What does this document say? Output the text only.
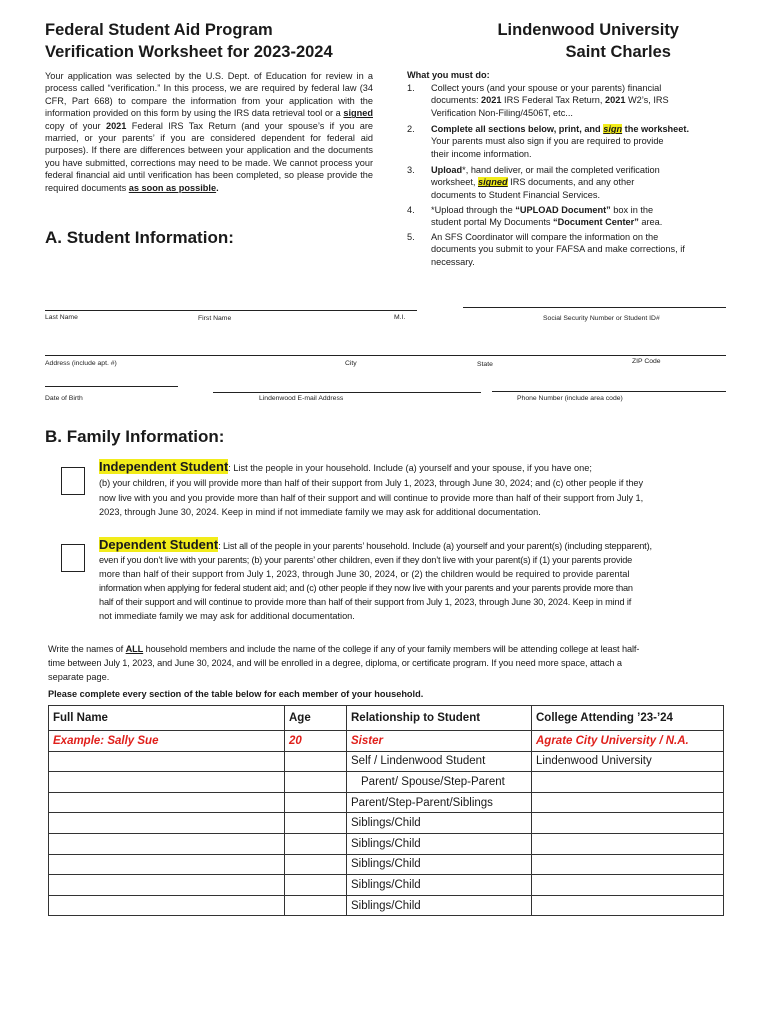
Federal Student Aid Program
Verification Worksheet for 2023-2024
Lindenwood University
Saint Charles
Your application was selected by the U.S. Dept. of Education for review in a process called “verification.” In this process, we are required by federal law (34 CFR, Part 668) to compare the information from your application with the information provided on this form by using the IRS data retrieval tool or a signed copy of your 2021 Federal IRS Tax Return (and your spouse’s if you are married, or your parents’ if you are considered dependent for federal aid purposes). If there are differences between your application and the documents you have submitted, corrections may need to be made. We cannot process your federal financial aid until verification has been completed, so please provide the required documents as soon as possible.
What you must do:
1. Collect yours (and your spouse or your parents) financial
documents: 2021 IRS Federal Tax Return, 2021 W2’s, IRS
Verification Non-Filing/4506T, etc...
2. Complete all sections below, print, and sign the worksheet.
Your parents must also sign if you are required to provide
their income information.
3. Upload*, hand deliver, or mail the completed verification
worksheet, signed IRS documents, and any other
documents to Student Financial Services.
4. *Upload through the “UPLOAD Document” box in the
student portal My Documents “Document Center” area.
5. An SFS Coordinator will compare the information on the
documents you submit to your FAFSA and make corrections, if
necessary.
A. Student Information:
Last Name	First Name	M.I.	Social Security Number or Student ID#
Address (include apt. #)	City	State	ZIP Code
Date of Birth	Lindenwood E-mail Address	Phone Number (include area code)
B. Family Information:
Independent Student: List the people in your household. Include (a) yourself and your spouse, if you have one;
(b) your children, if you will provide more than half of their support from July 1, 2023, through June 30, 2024; and (c) other people if they
now live with you and you provide more than half of their support and will continue to provide more than half of their support from July 1,
2023, through June 30, 2024. Keep in mind if not immediate family we may ask for additional documentation.
Dependent Student: List all of the people in your parents’ household. Include (a) yourself and your parent(s) (including stepparent),
even if you don’t live with your parents; (b) your parents’ other children, even if they don’t live with your parent(s) if (1) your parents provide
more than half of their support from July 1, 2023, through June 30, 2024, or (2) the children would be required to provide parental
information when applying for federal student aid; and (c) other people if they now live with your parents and your parents provide more than
half of their support and will continue to provide more than half of their support from July 1, 2023, through June 30, 2024. Keep in mind if
not immediate family we may ask for additional documentation.
Write the names of ALL household members and include the name of the college if any of your family members will be attending college at least half-
time between July 1, 2023, and June 30, 2024, and will be enrolled in a degree, diploma, or certificate program. If you need more space, attach a
separate page.
Please complete every section of the table below for each member of your household.
Full Name	Age	Relationship to Student	College Attending ’23-’24
Example: Sally Sue	20	Sister	Agrate City University / N.A.
		Self / Lindenwood Student	Lindenwood University
		Parent/ Spouse/Step-Parent	
		Parent/Step-Parent/Siblings	
		Siblings/Child	
		Siblings/Child	
		Siblings/Child	
		Siblings/Child	
		Siblings/Child	
